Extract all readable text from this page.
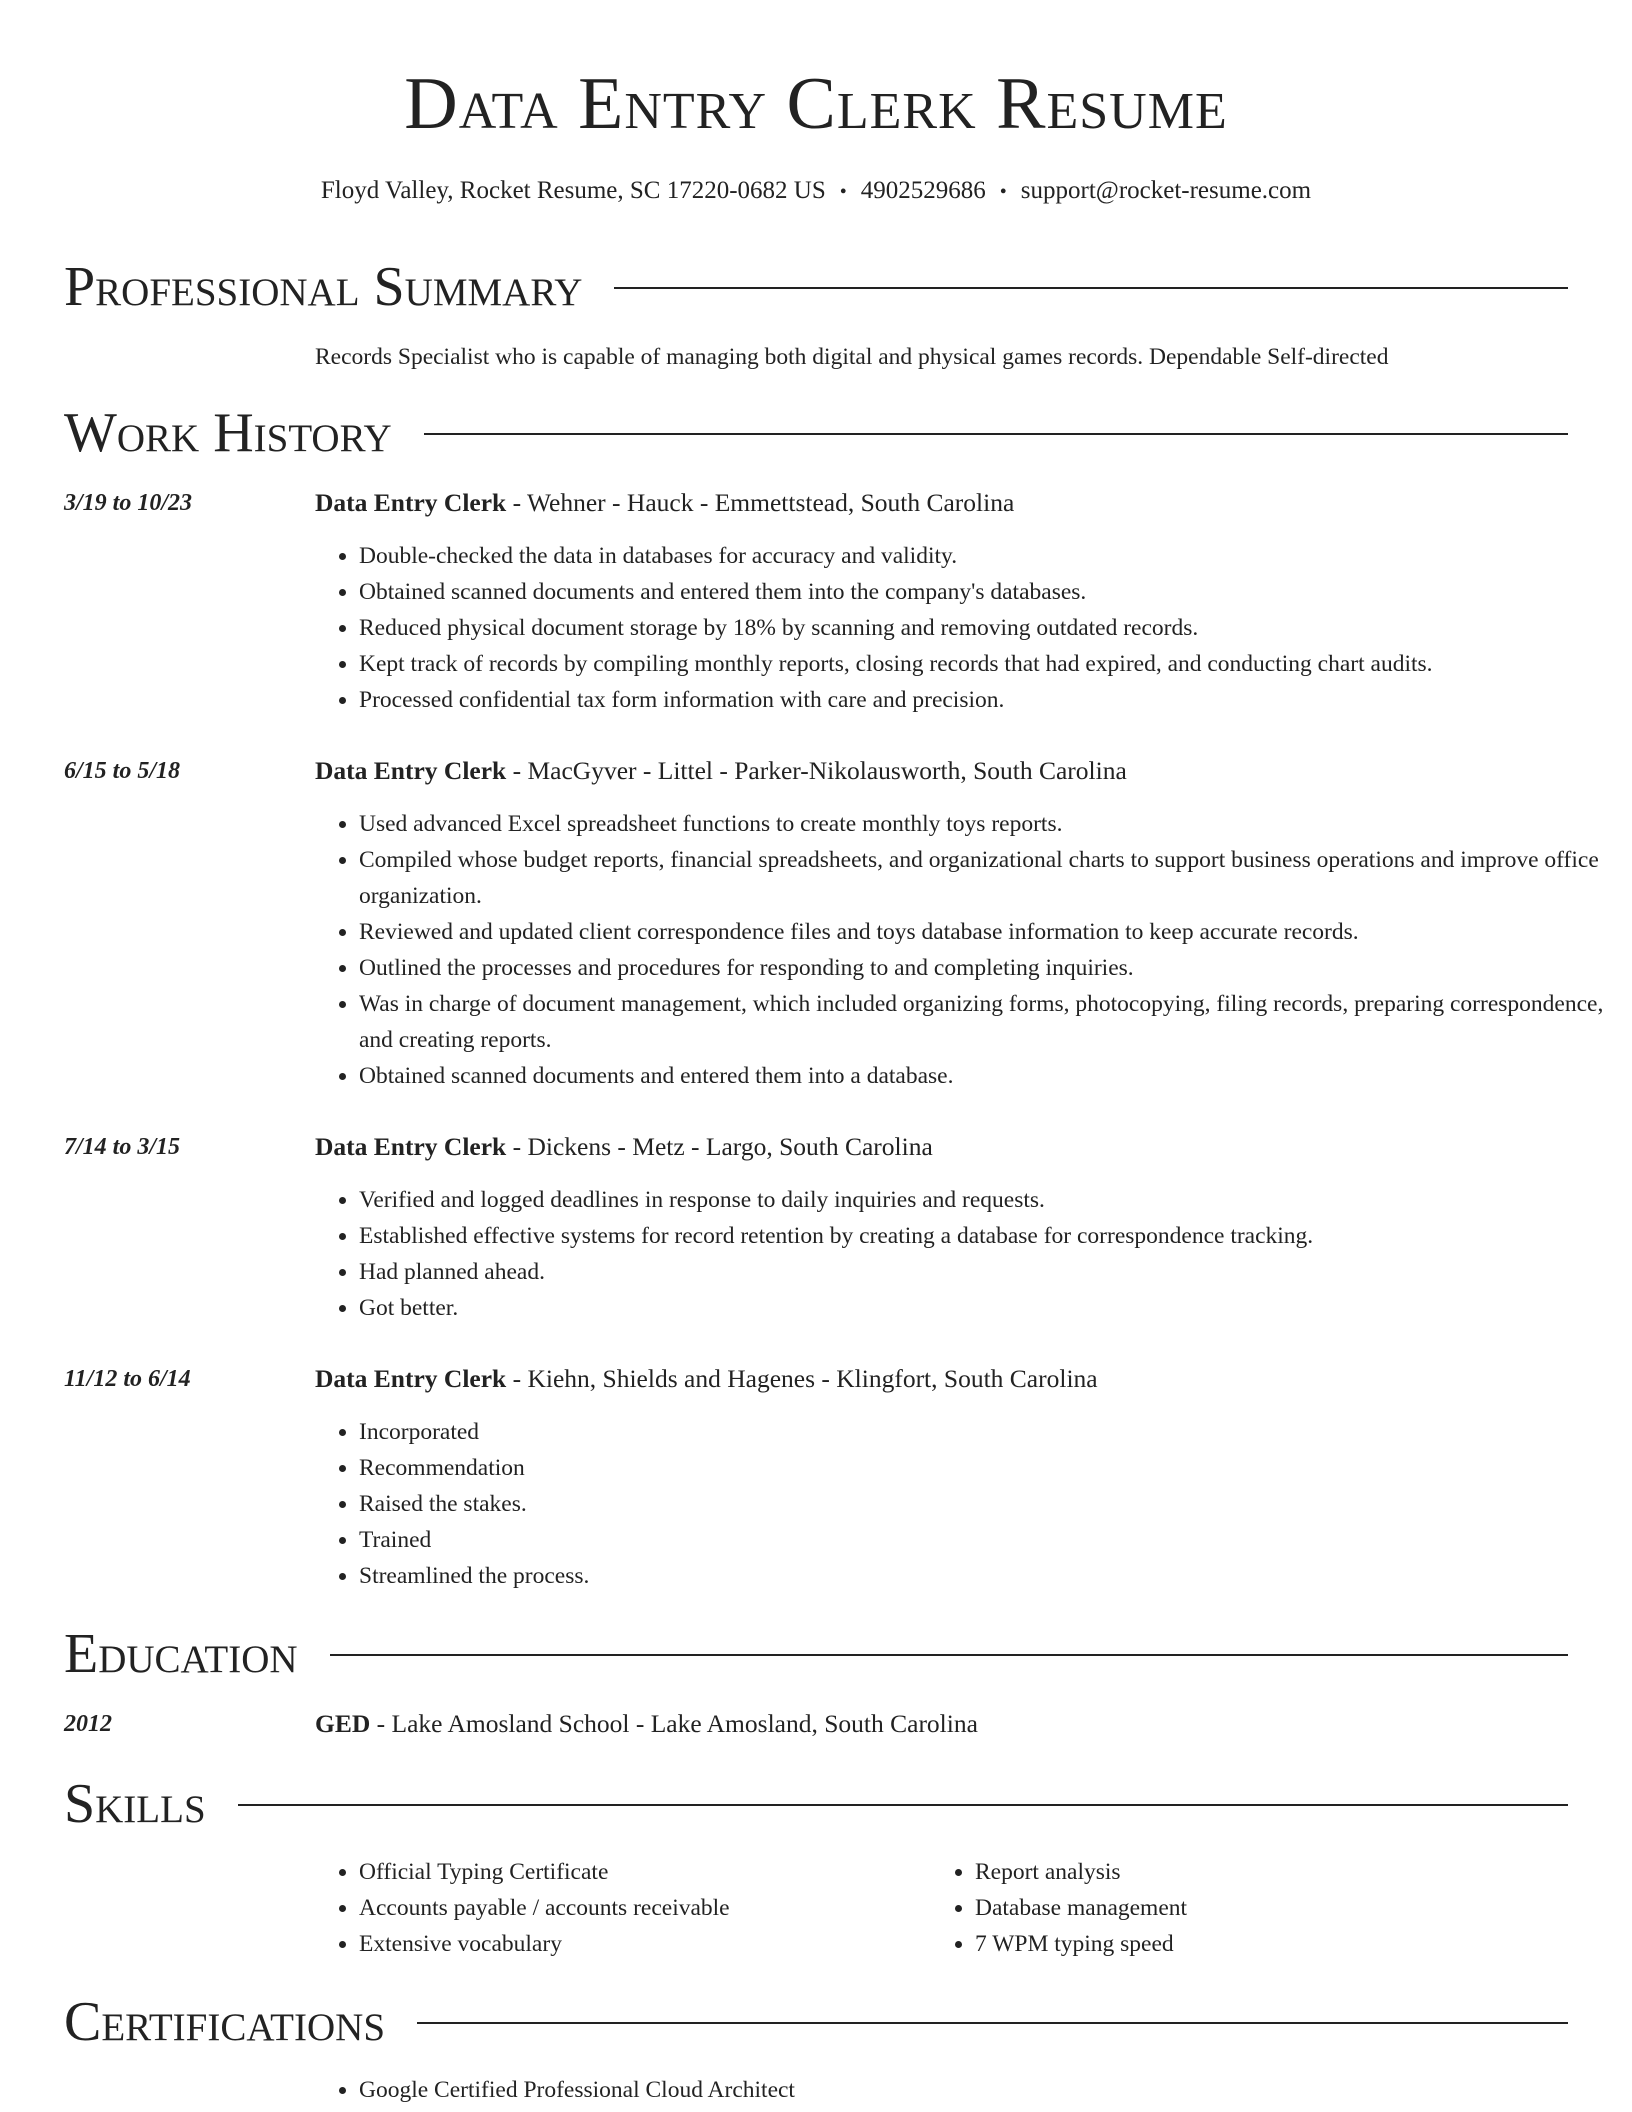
Data Entry Clerk Resume
Floyd Valley, Rocket Resume, SC 17220-0682 US • 4902529686 • support@rocket-resume.com
Professional Summary
Records Specialist who is capable of managing both digital and physical games records. Dependable Self-directed
Work History
3/19 to 10/23	Data Entry Clerk - Wehner - Hauck - Emmettstead, South Carolina
• Double-checked the data in databases for accuracy and validity.
• Obtained scanned documents and entered them into the company's databases.
• Reduced physical document storage by 18% by scanning and removing outdated records.
• Kept track of records by compiling monthly reports, closing records that had expired, and conducting chart audits.
• Processed confidential tax form information with care and precision.
6/15 to 5/18	Data Entry Clerk - MacGyver - Littel - Parker-Nikolausworth, South Carolina
• Used advanced Excel spreadsheet functions to create monthly toys reports.
• Compiled whose budget reports, financial spreadsheets, and organizational charts to support business operations and improve office organization.
• Reviewed and updated client correspondence files and toys database information to keep accurate records.
• Outlined the processes and procedures for responding to and completing inquiries.
• Was in charge of document management, which included organizing forms, photocopying, filing records, preparing correspondence, and creating reports.
• Obtained scanned documents and entered them into a database.
7/14 to 3/15	Data Entry Clerk - Dickens - Metz - Largo, South Carolina
• Verified and logged deadlines in response to daily inquiries and requests.
• Established effective systems for record retention by creating a database for correspondence tracking.
• Had planned ahead.
• Got better.
11/12 to 6/14	Data Entry Clerk - Kiehn, Shields and Hagenes - Klingfort, South Carolina
• Incorporated
• Recommendation
• Raised the stakes.
• Trained
• Streamlined the process.
Education
2012	GED - Lake Amosland School - Lake Amosland, South Carolina
Skills
• Official Typing Certificate
• Accounts payable / accounts receivable
• Extensive vocabulary
• Report analysis
• Database management
• 7 WPM typing speed
Certifications
• Google Certified Professional Cloud Architect
